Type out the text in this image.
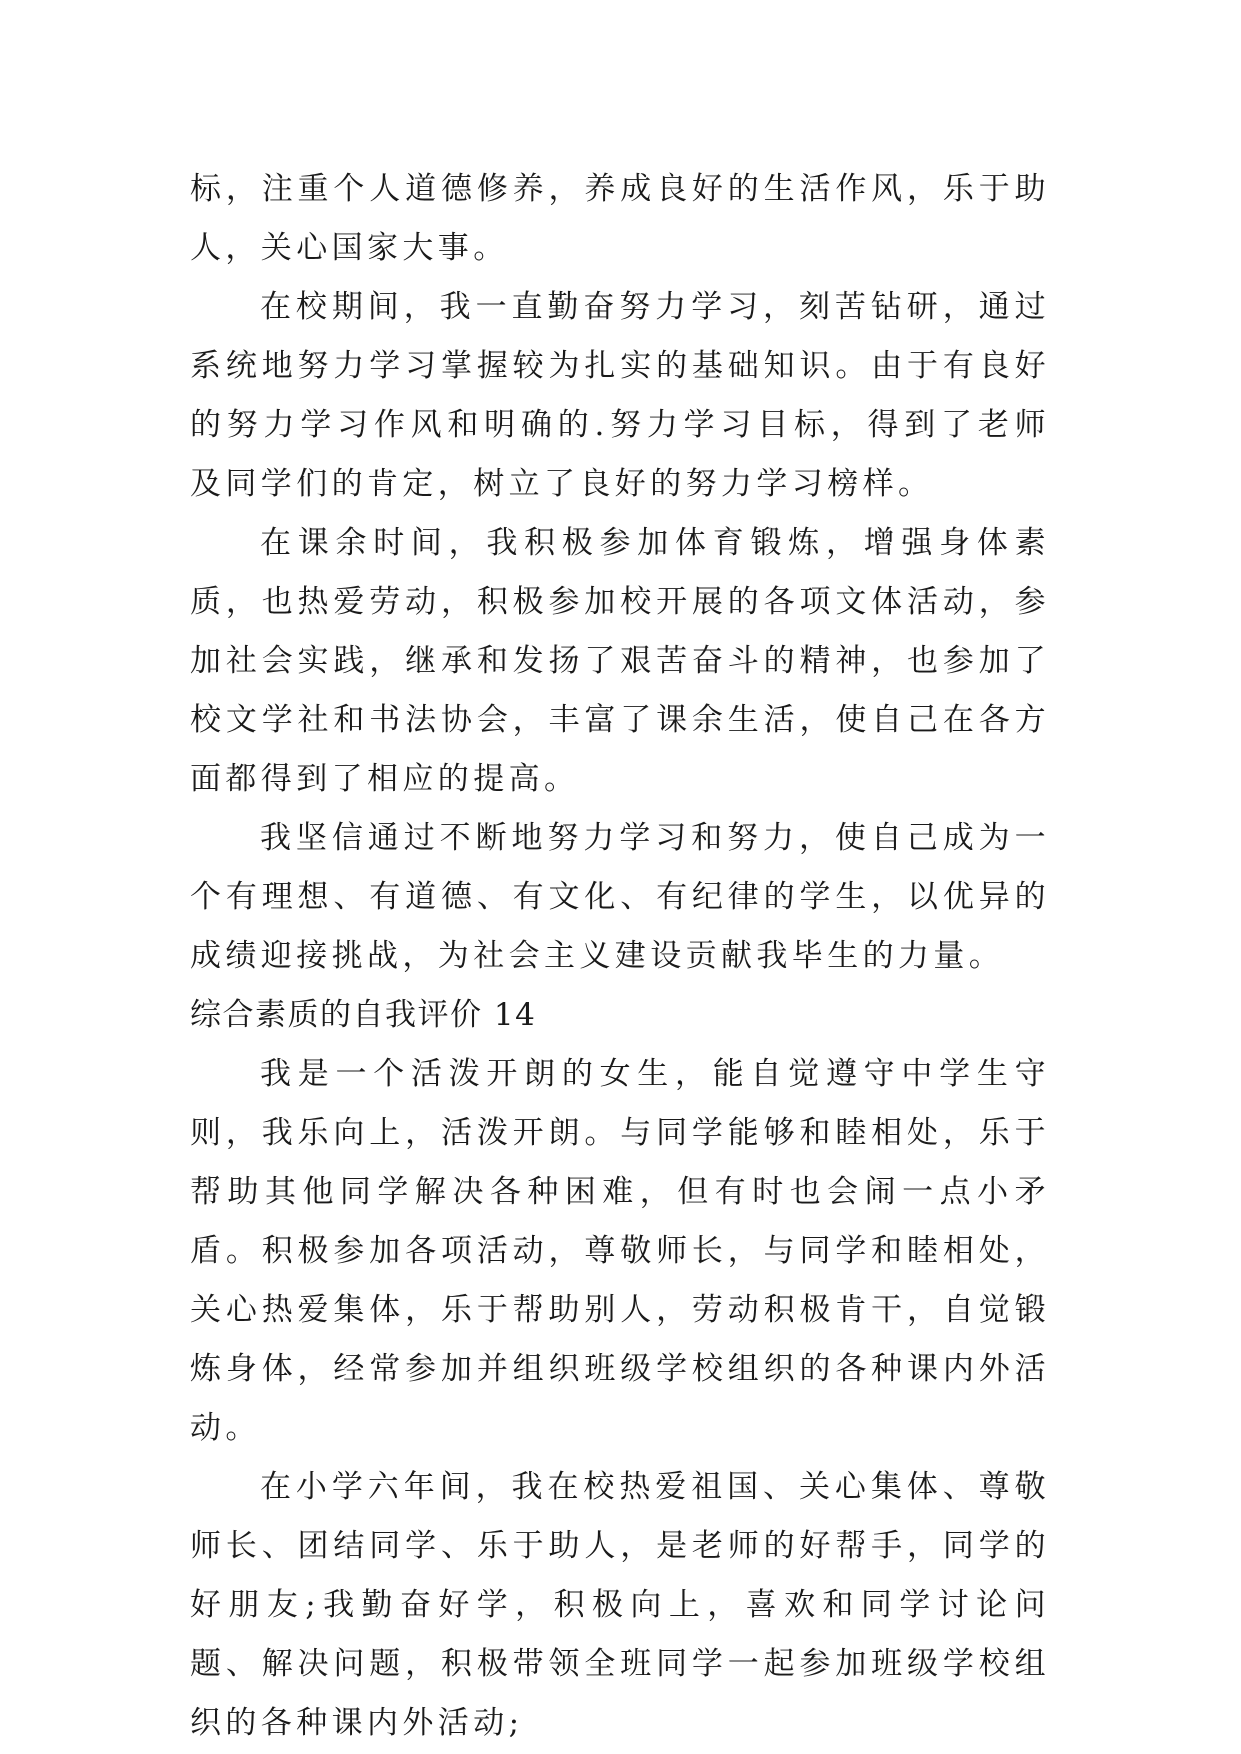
标，注重个人道德修养，养成良好的生活作风，乐于助人，关心国家大事。

在校期间，我一直勤奋努力学习，刻苦钻研，通过系统地努力学习掌握较为扎实的基础知识。由于有良好的努力学习作风和明确的.努力学习目标，得到了老师及同学们的肯定，树立了良好的努力学习榜样。

在课余时间，我积极参加体育锻炼，增强身体素质，也热爱劳动，积极参加校开展的各项文体活动，参加社会实践，继承和发扬了艰苦奋斗的精神，也参加了校文学社和书法协会，丰富了课余生活，使自己在各方面都得到了相应的提高。

我坚信通过不断地努力学习和努力，使自己成为一个有理想、有道德、有文化、有纪律的学生，以优异的成绩迎接挑战，为社会主义建设贡献我毕生的力量。

综合素质的自我评价 14

我是一个活泼开朗的女生，能自觉遵守中学生守则，我乐向上，活泼开朗。与同学能够和睦相处，乐于帮助其他同学解决各种困难，但有时也会闹一点小矛盾。积极参加各项活动，尊敬师长，与同学和睦相处，关心热爱集体，乐于帮助别人，劳动积极肯干，自觉锻炼身体，经常参加并组织班级学校组织的各种课内外活动。

在小学六年间，我在校热爱祖国、关心集体、尊敬师长、团结同学、乐于助人，是老师的好帮手，同学的好朋友;我勤奋好学，积极向上，喜欢和同学讨论问题、解决问题，积极带领全班同学一起参加班级学校组织的各种课内外活动;
